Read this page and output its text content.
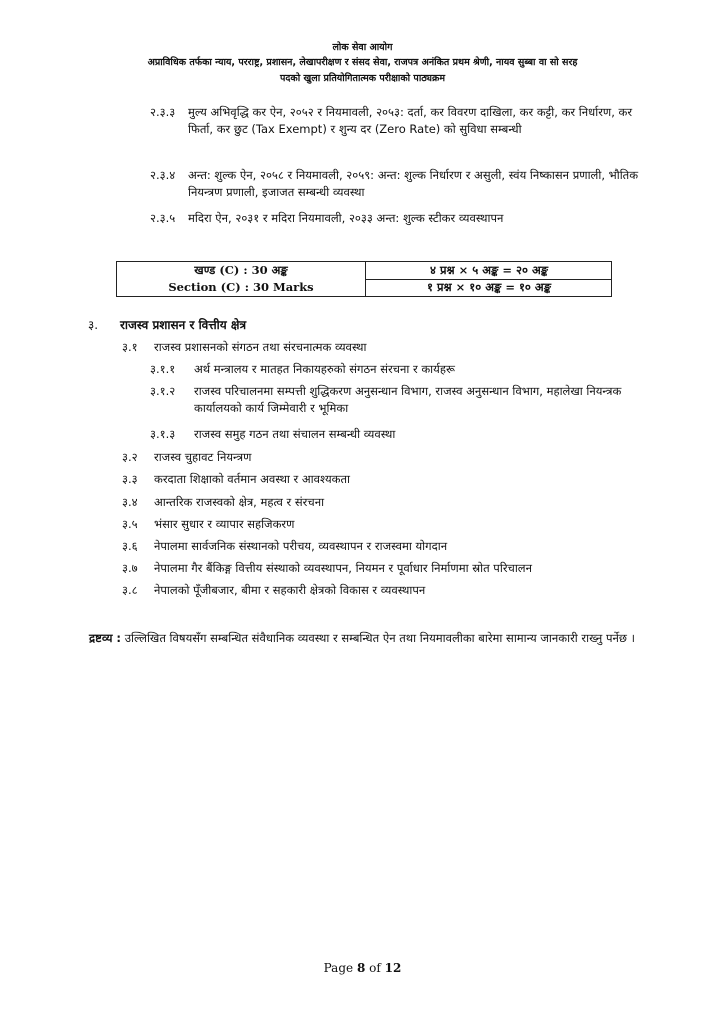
लोक सेवा आयोग
अप्राविधिक तर्फका न्याय, परराष्ट्र, प्रशासन, लेखापरीक्षण र संसद सेवा, राजपत्र अनंकित प्रथम श्रेणी, नायव सुब्बा वा सो सरह
पदको खुला प्रतियोगितात्मक परीक्षाको पाठ्यक्रम
२.३.३ मुल्य अभिवृद्धि कर ऐन, २०५२ र नियमावली, २०५३: दर्ता, कर विवरण दाखिला, कर कट्टी, कर निर्धारण, कर फिर्ता, कर छुट (Tax Exempt) र शुन्य दर (Zero Rate) को सुविधा सम्बन्धी
२.३.४ अन्त: शुल्क ऐन, २०५८ र नियमावली, २०५९: अन्त: शुल्क निर्धारण र असुली, स्वंय निष्कासन प्रणाली, भौतिक नियन्त्रण प्रणाली, इजाजत सम्बन्धी व्यवस्था
२.३.५ मदिरा ऐन, २०३१ र मदिरा नियमावली, २०३३ अन्त: शुल्क स्टीकर व्यवस्थापन
खण्ड (C) : 30 अङ्क
Section (C) : 30 Marks
४ प्रश्न × ५ अङ्क = २० अङ्क
१ प्रश्न × १० अङ्क = १० अङ्क
३. राजस्व प्रशासन र वित्तीय क्षेत्र
३.१ राजस्व प्रशासनको संगठन तथा संरचनात्मक व्यवस्था
३.१.१ अर्थ मन्त्रालय र मातहत निकायहरुको संगठन संरचना र कार्यहरू
३.१.२ राजस्व परिचालनमा सम्पत्ती शुद्धिकरण अनुसन्धान विभाग, राजस्व अनुसन्धान विभाग, महालेखा नियन्त्रक कार्यालयको कार्य जिम्मेवारी र भूमिका
३.१.३ राजस्व समुह गठन तथा संचालन सम्बन्धी व्यवस्था
३.२ राजस्व चुहावट नियन्त्रण
३.३ करदाता शिक्षाको वर्तमान अवस्था र आवश्यकता
३.४ आन्तरिक राजस्वको क्षेत्र, महत्व र संरचना
३.५ भंसार सुधार र व्यापार सहजिकरण
३.६ नेपालमा सार्वजनिक संस्थानको परीचय, व्यवस्थापन र राजस्वमा योगदान
३.७ नेपालमा गैर बैंकिङ्ग वित्तीय संस्थाको व्यवस्थापन, नियमन र पूर्वाधार निर्माणमा स्रोत परिचालन
३.८ नेपालको पूँजीबजार, बीमा र सहकारी क्षेत्रको विकास र व्यवस्थापन
द्रष्टव्य : उल्लिखित विषयसँग सम्बन्धित संवैधानिक व्यवस्था र सम्बन्धित ऐन तथा नियमावलीका बारेमा सामान्य जानकारी राख्नु पर्नेछ ।
Page 8 of 12
